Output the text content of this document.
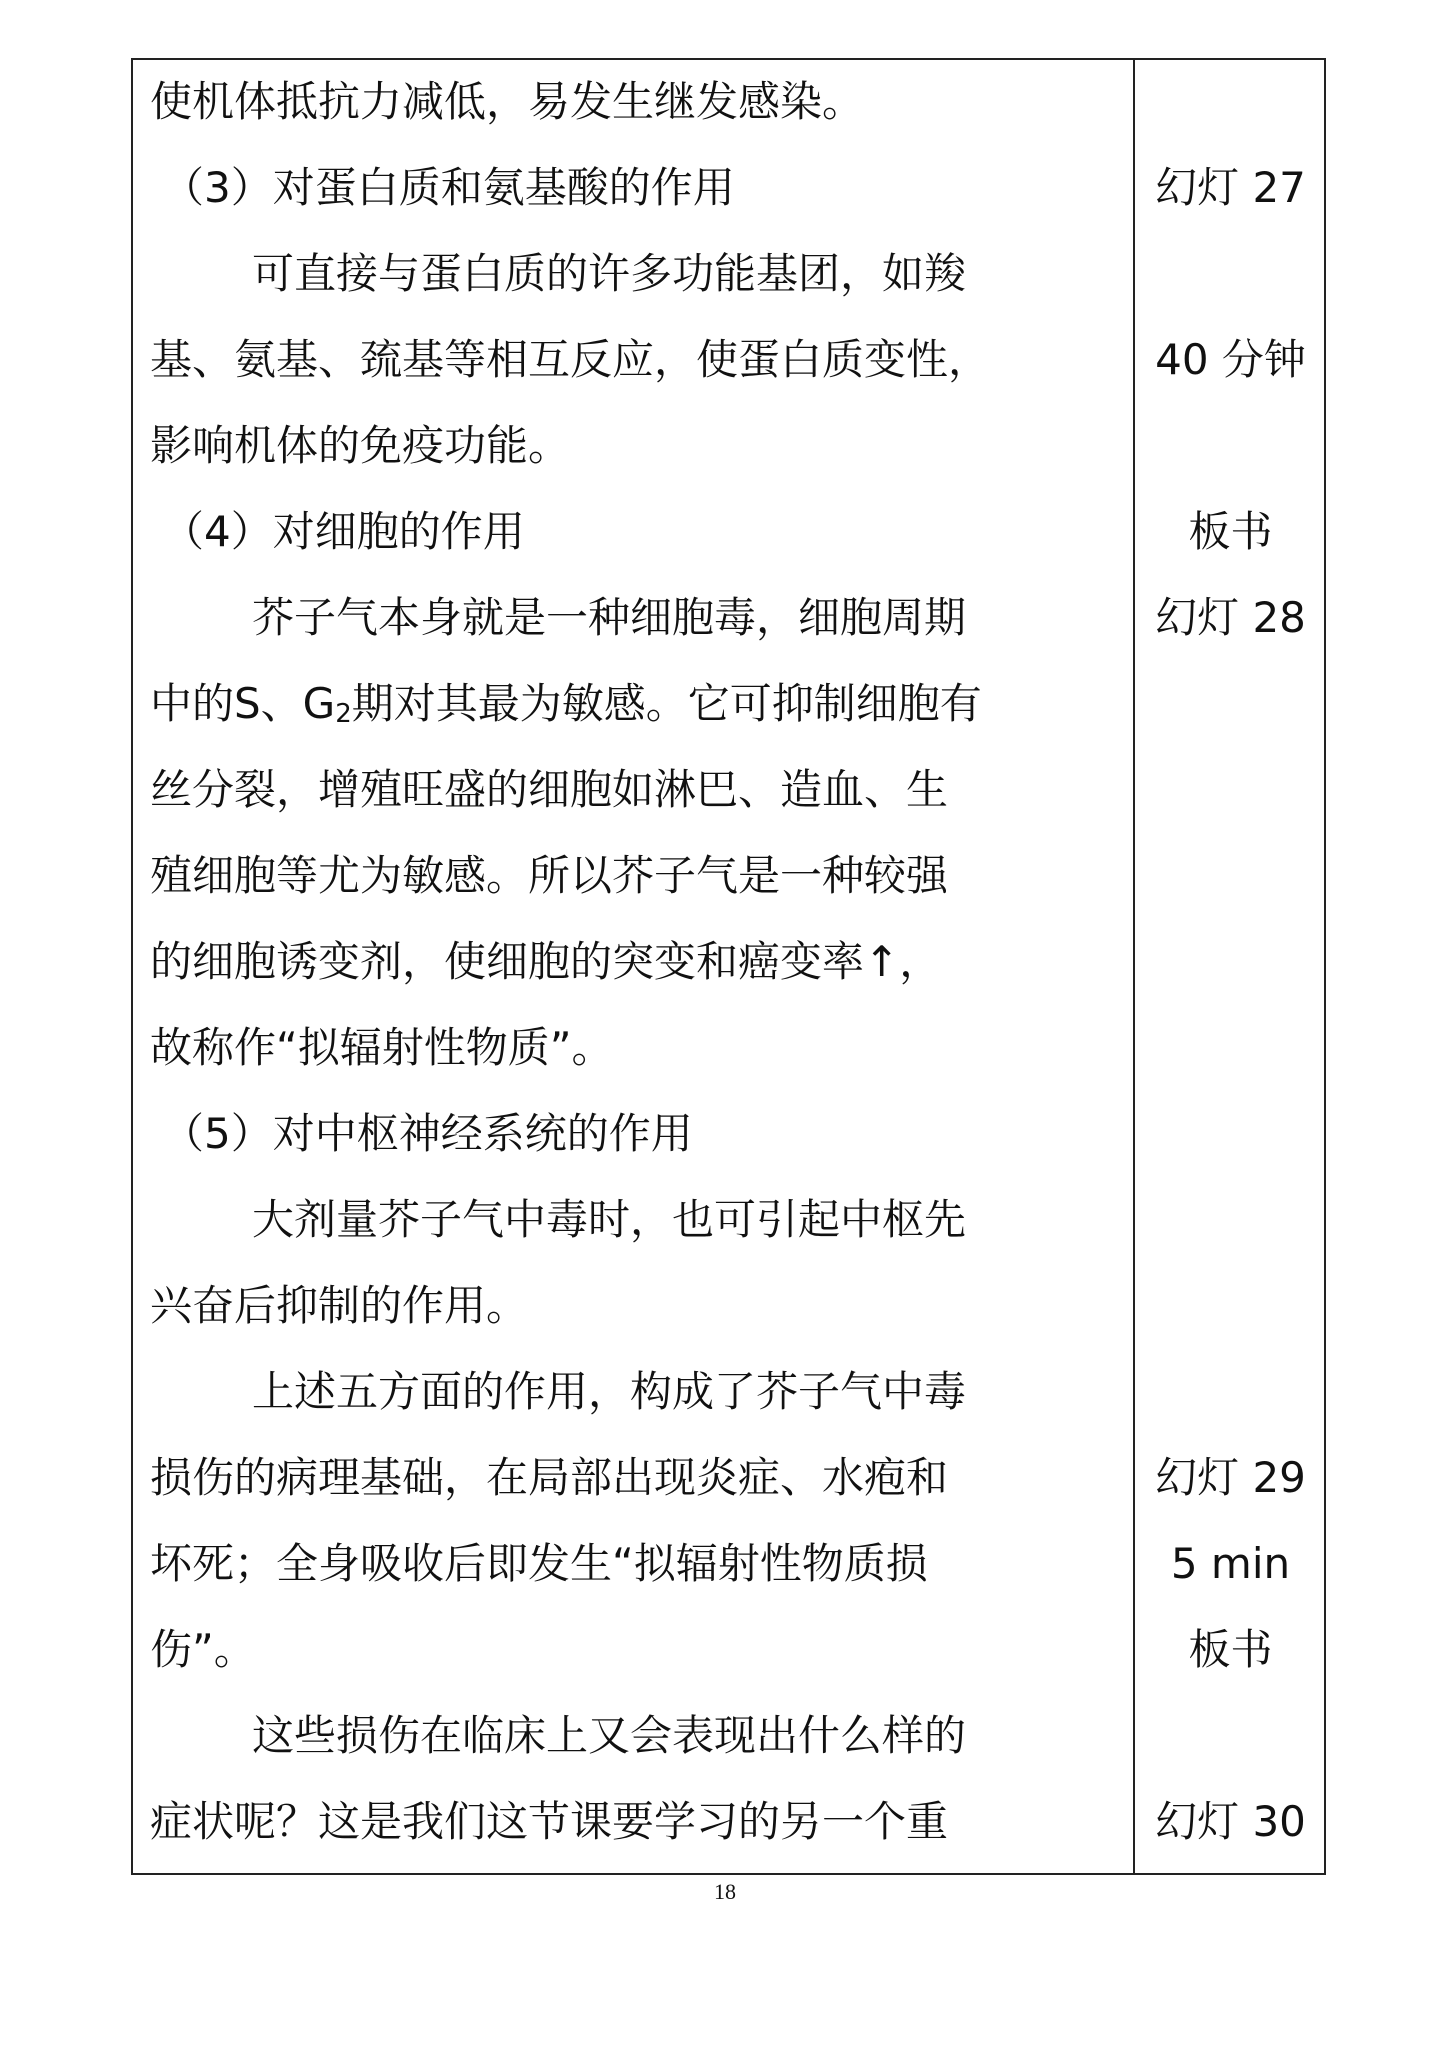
使机体抵抗力减低，易发生继发感染。
（3）对蛋白质和氨基酸的作用
可直接与蛋白质的许多功能基团，如羧
基、氨基、巯基等相互反应，使蛋白质变性，
影响机体的免疫功能。
（4）对细胞的作用
芥子气本身就是一种细胞毒，细胞周期
中的S、$G_2$期对其最为敏感。它可抑制细胞有
丝分裂，增殖旺盛的细胞如淋巴、造血、生
殖细胞等尤为敏感。所以芥子气是一种较强
的细胞诱变剂，使细胞的突变和癌变率↑，
故称作“拟辐射性物质”。
（5）对中枢神经系统的作用
大剂量芥子气中毒时，也可引起中枢先
兴奋后抑制的作用。
上述五方面的作用，构成了芥子气中毒
损伤的病理基础，在局部出现炎症、水疱和
坏死；全身吸收后即发生“拟辐射性物质损
伤”。
这些损伤在临床上又会表现出什么样的
症状呢？这是我们这节课要学习的另一个重
幻灯 27
40 分钟
板书
幻灯 28
幻灯 29
5 min
板书
幻灯 30
18
